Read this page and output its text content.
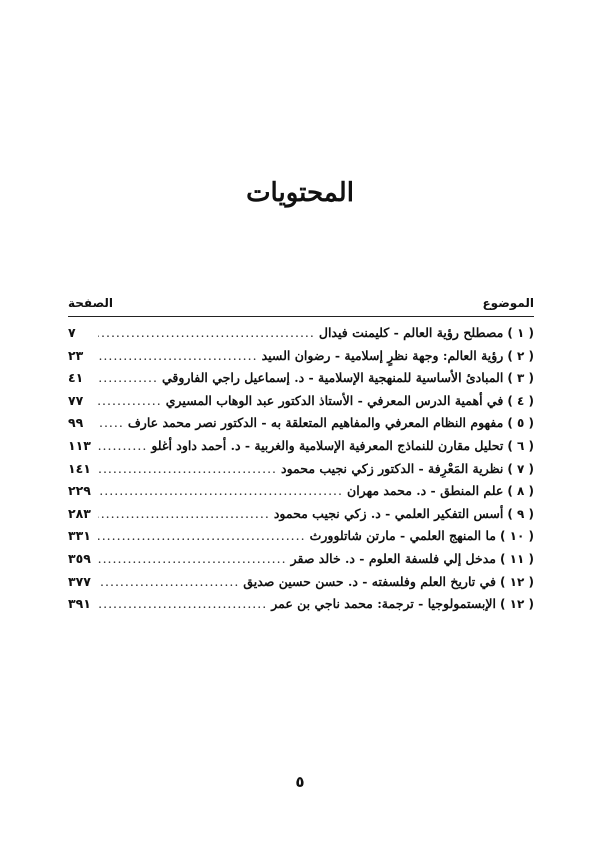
المحتويات
الموضوع
الصفحة
( ١ )
مصطلح رؤية العالم - كليمنت فيدال
.....
٧
( ٢ )
رؤية العالم: وجهة نظرٍ إسلامية - رضوان السيد
.....
٢٣
( ٣ )
المبادئ الأساسية للمنهجية الإسلامية - د. إسماعيل راجي الفاروقي
.....
٤١
( ٤ )
في أهمية الدرس المعرفي - الأستاذ الدكتور عبد الوهاب المسيري
.....
٧٧
( ٥ )
مفهوم النظام المعرفي والمفاهيم المتعلقة به - الدكتور نصر محمد عارف
.....
٩٩
( ٦ )
تحليل مقارن للنماذج المعرفية الإسلامية والغربية - د. أحمد داود أغلو
.....
١١٣
( ٧ )
نظرية المَعْرِفة - الدكتور زكي نجيب محمود
.....
١٤١
( ٨ )
علم المنطق - د. محمد مهران
.....
٢٢٩
( ٩ )
أسس التفكير العلمي - د. زكي نجيب محمود
.....
٢٨٣
( ١٠ )
ما المنهج العلمي - مارتن شاتلوورث
.....
٣٣١
( ١١ )
مدخل إلي فلسفة العلوم - د. خالد صقر
.....
٣٥٩
( ١٢ )
في تاريخ العلم وفلسفته - د. حسن حسين صديق
.....
٣٧٧
( ١٢ )
الإبستمولوجيا - ترجمة: محمد ناجي بن عمر
.....
٣٩١
٥
